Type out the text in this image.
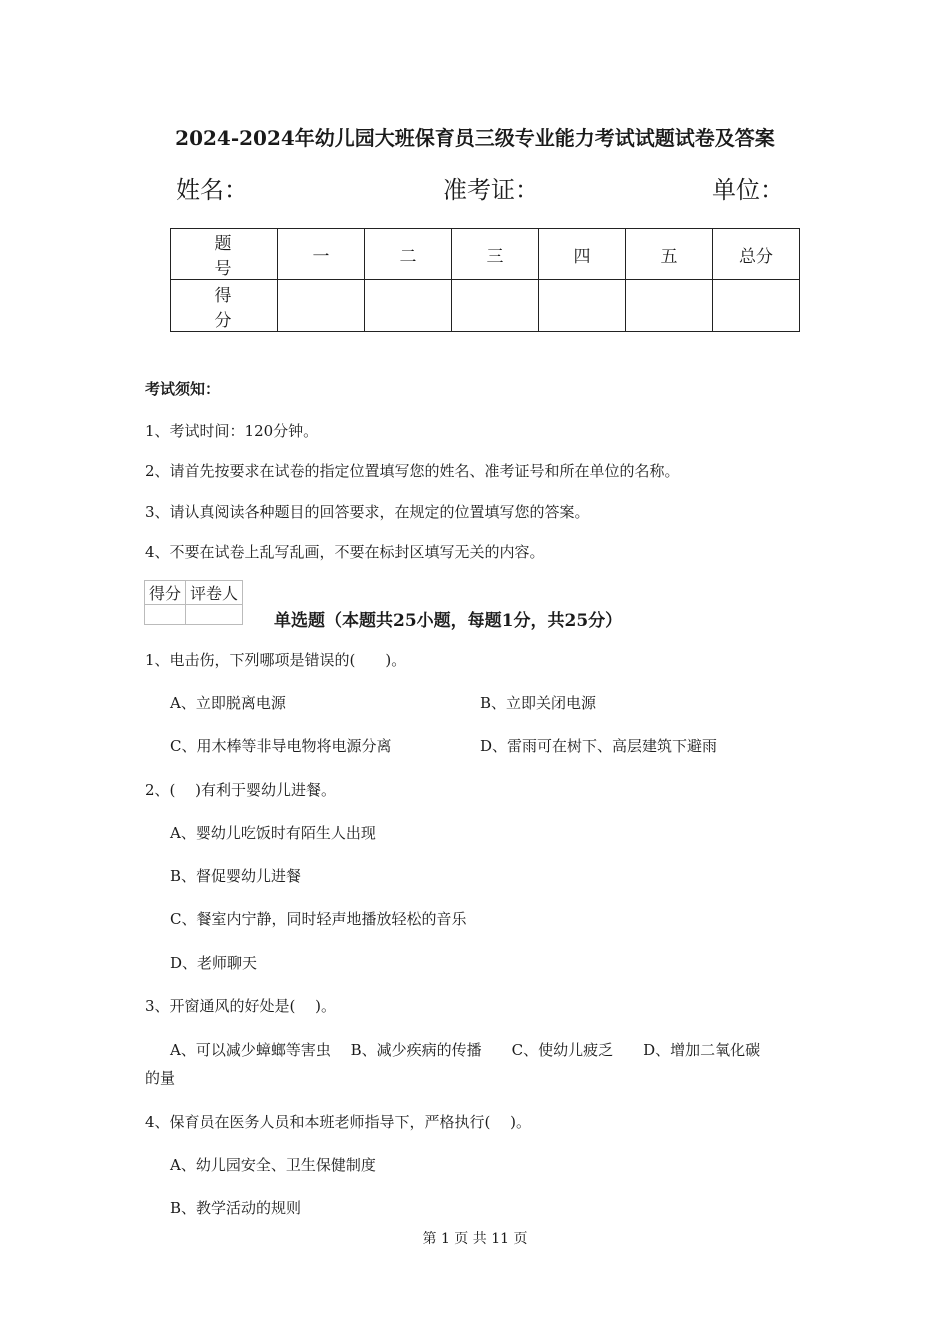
2024-2024年幼儿园大班保育员三级专业能力考试试题试卷及答案
姓名：	准考证：	单位：
题 号	一	二	三	四	五	总分
得 分						
考试须知：
1、考试时间：120分钟。
2、请首先按要求在试卷的指定位置填写您的姓名、准考证号和所在单位的名称。
3、请认真阅读各种题目的回答要求，在规定的位置填写您的答案。
4、不要在试卷上乱写乱画，不要在标封区填写无关的内容。
得分	评卷人

单选题（本题共25小题，每题1分，共25分）
1、电击伤，下列哪项是错误的(　　)。
A、立即脱离电源	B、立即关闭电源
C、用木棒等非导电物将电源分离	D、雷雨可在树下、高层建筑下避雨
2、(　 )有利于婴幼儿进餐。
A、婴幼儿吃饭时有陌生人出现
B、督促婴幼儿进餐
C、餐室内宁静，同时轻声地播放轻松的音乐
D、老师聊天
3、开窗通风的好处是(　 )。
A、可以减少蟑螂等害虫　 B、减少疾病的传播　　C、使幼儿疲乏　　D、增加二氧化碳
的量
4、保育员在医务人员和本班老师指导下，严格执行(　 )。
A、幼儿园安全、卫生保健制度
B、教学活动的规则
第 1 页 共 11 页
